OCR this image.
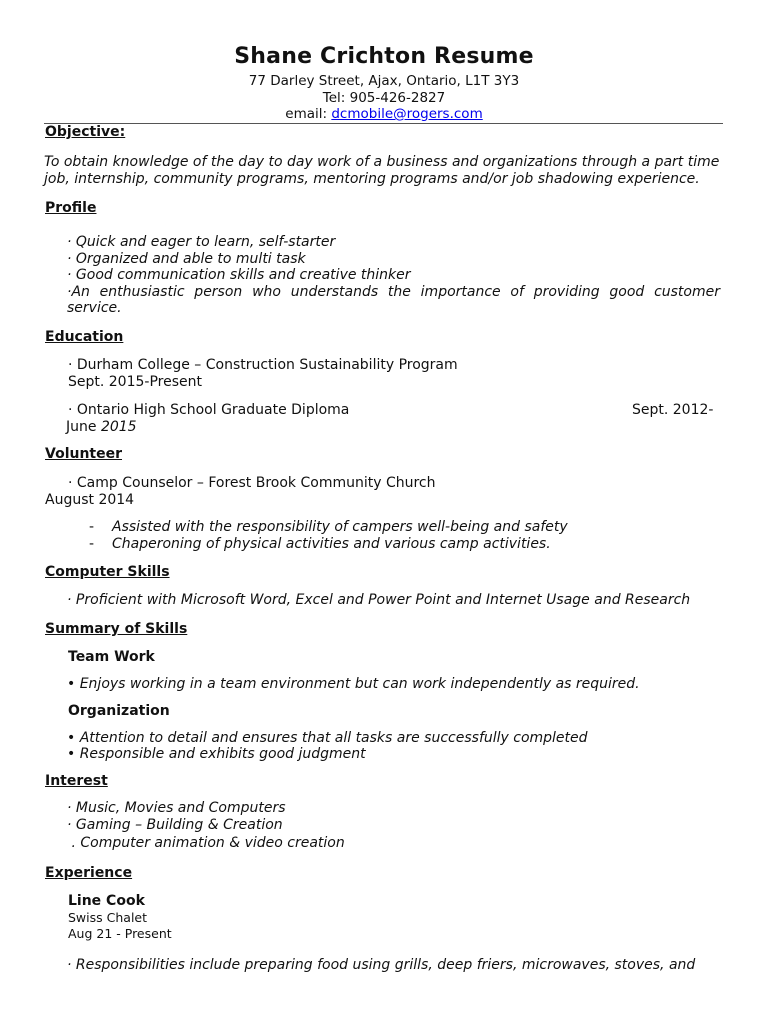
Shane Crichton Resume
77 Darley Street, Ajax, Ontario, L1T 3Y3
Tel: 905-426-2827
email: dcmobile@rogers.com
Objective:
To obtain knowledge of the day to day work of a business and organizations through a part time
job, internship, community programs, mentoring programs and/or job shadowing experience.
Profile
· Quick and eager to learn, self-starter
· Organized and able to multi task
· Good communication skills and creative thinker
·An enthusiastic person who understands the importance of providing good customer
service.
Education
· Durham College – Construction Sustainability Program
Sept. 2015-Present
· Ontario High School Graduate Diploma	Sept. 2012-
June 2015
Volunteer
· Camp Counselor – Forest Brook Community Church
August 2014
- Assisted with the responsibility of campers well-being and safety
- Chaperoning of physical activities and various camp activities.
Computer Skills
· Proficient with Microsoft Word, Excel and Power Point and Internet Usage and Research
Summary of Skills
Team Work
• Enjoys working in a team environment but can work independently as required.
Organization
• Attention to detail and ensures that all tasks are successfully completed
• Responsible and exhibits good judgment
Interest
· Music, Movies and Computers
· Gaming – Building & Creation
. Computer animation & video creation
Experience
Line Cook
Swiss Chalet
Aug 21 - Present
· Responsibilities include preparing food using grills, deep friers, microwaves, stoves, and
